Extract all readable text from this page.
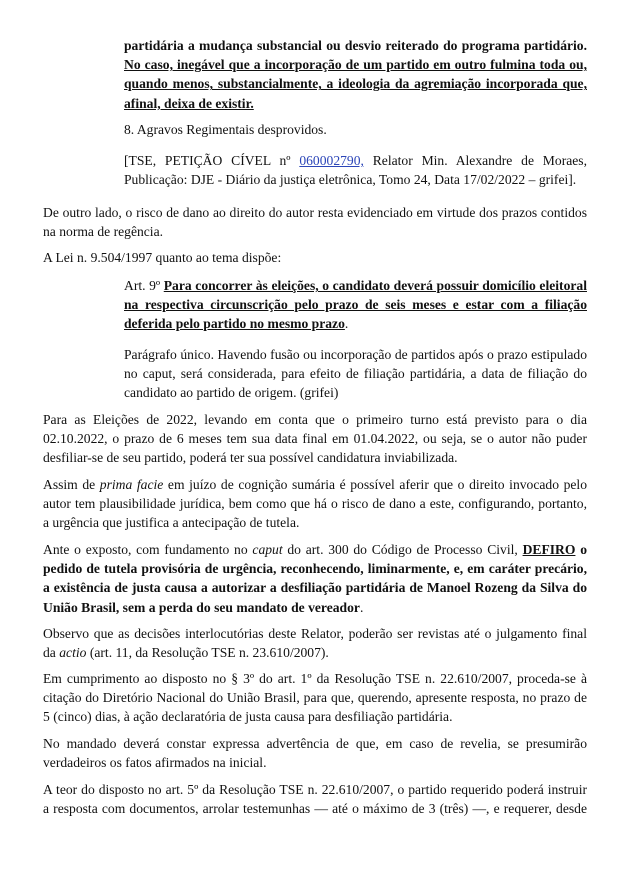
partidária a mudança substancial ou desvio reiterado do programa partidário.
No caso, inegável que a incorporação de um partido em outro fulmina toda ou,
quando menos, substancialmente, a ideologia da agremiação incorporada que,
afinal, deixa de existir.
8. Agravos Regimentais desprovidos.
[TSE, PETIÇÃO CÍVEL nº 060002790, Relator Min. Alexandre de Moraes,
Publicação: DJE - Diário da justiça eletrônica, Tomo 24, Data 17/02/2022 – grifei].
De outro lado, o risco de dano ao direito do autor resta evidenciado em virtude dos prazos contidos
na norma de regência.
A Lei n. 9.504/1997 quanto ao tema dispõe:
Art. 9º Para concorrer às eleições, o candidato deverá possuir domicílio eleitoral
na respectiva circunscrição pelo prazo de seis meses e estar com a filiação
deferida pelo partido no mesmo prazo.
Parágrafo único. Havendo fusão ou incorporação de partidos após o prazo estipulado
no caput, será considerada, para efeito de filiação partidária, a data de filiação do
candidato ao partido de origem. (grifei)
Para as Eleições de 2022, levando em conta que o primeiro turno está previsto para o dia
02.10.2022, o prazo de 6 meses tem sua data final em 01.04.2022, ou seja, se o autor não puder
desfiliar-se de seu partido, poderá ter sua possível candidatura inviabilizada.
Assim de prima facie em juízo de cognição sumária é possível aferir que o direito invocado pelo
autor tem plausibilidade jurídica, bem como que há o risco de dano a este, configurando, portanto,
a urgência que justifica a antecipação de tutela.
Ante o exposto, com fundamento no caput do art. 300 do Código de Processo Civil, DEFIRO o
pedido de tutela provisória de urgência, reconhecendo, liminarmente, e, em caráter precário,
a existência de justa causa a autorizar a desfiliação partidária de Manoel Rozeng da Silva do
União Brasil, sem a perda do seu mandato de vereador.
Observo que as decisões interlocutórias deste Relator, poderão ser revistas até o julgamento final
da actio (art. 11, da Resolução TSE n. 23.610/2007).
Em cumprimento ao disposto no § 3º do art. 1º da Resolução TSE n. 22.610/2007, proceda-se à
citação do Diretório Nacional do União Brasil, para que, querendo, apresente resposta, no prazo de
5 (cinco) dias, à ação declaratória de justa causa para desfiliação partidária.
No mandado deverá constar expressa advertência de que, em caso de revelia, se presumirão
verdadeiros os fatos afirmados na inicial.
A teor do disposto no art. 5º da Resolução TSE n. 22.610/2007, o partido requerido poderá instruir
a resposta com documentos, arrolar testemunhas — até o máximo de 3 (três) —, e requerer, desde
